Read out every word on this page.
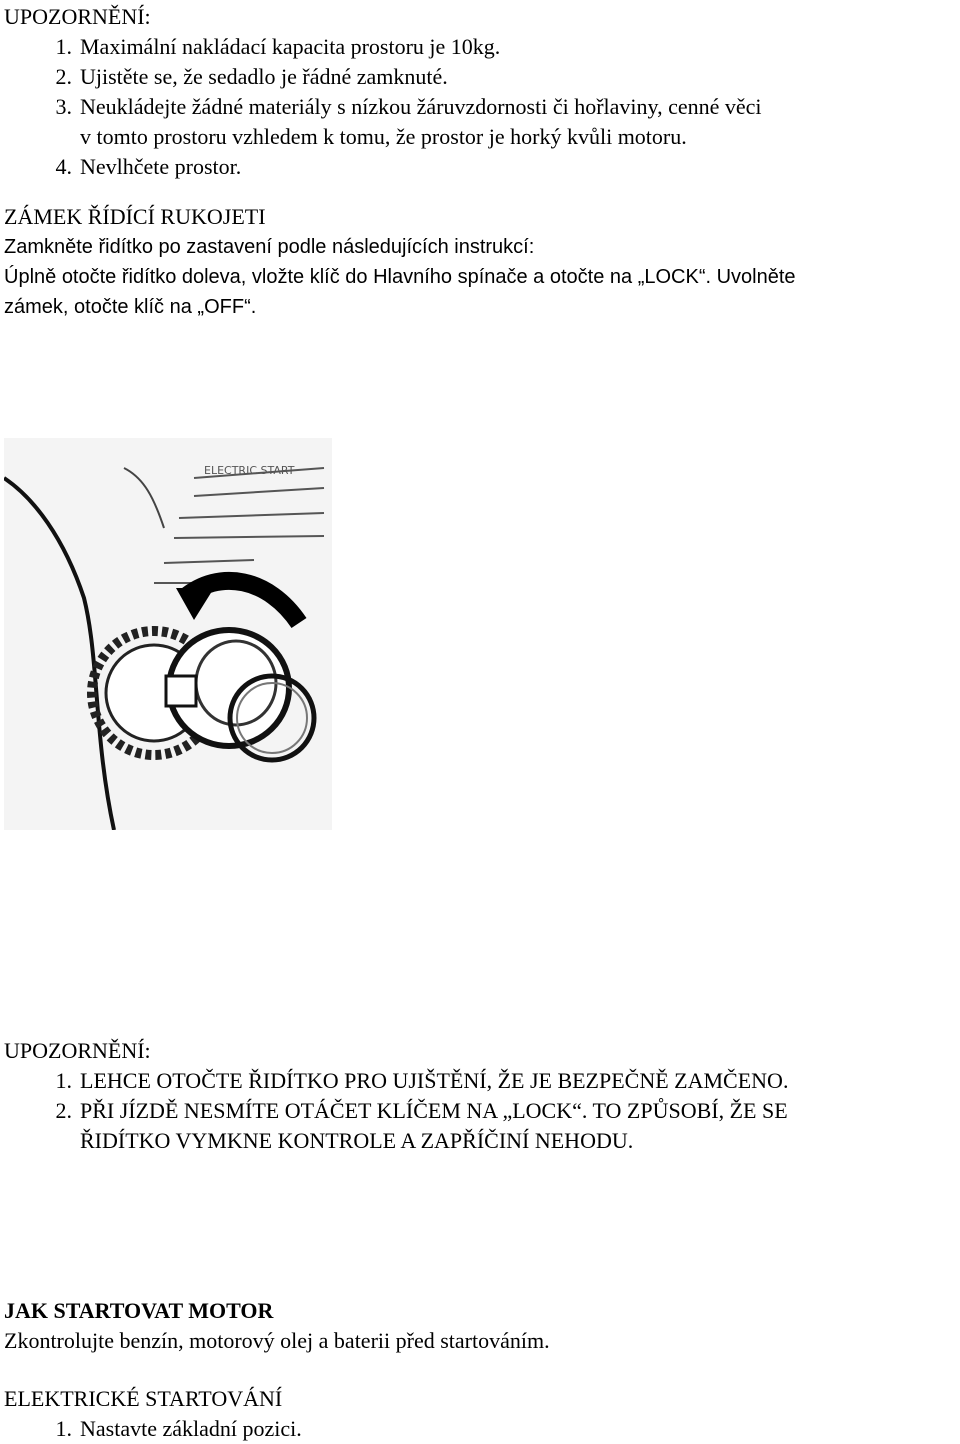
UPOZORNĚNÍ:
1. Maximální nakládací kapacita prostoru je 10kg.
2. Ujistěte se, že sedadlo je řádné zamknuté.
3. Neukládejte žádné materiály s nízkou žáruvzdornosti či hořlaviny, cenné věci
v tomto prostoru vzhledem k tomu, že prostor je horký kvůli motoru.
4. Nevlhčete prostor.
ZÁMEK ŘÍDÍCÍ RUKOJETI
Zamkněte řidítko po zastavení podle následujících instrukcí:
Úplně otočte řidítko doleva, vložte klíč do Hlavního spínače a otočte na „LOCK“. Uvolněte
zámek, otočte klíč na „OFF“.
ELECTRIC START
UPOZORNĚNÍ:
1. LEHCE OTOČTE ŘIDÍTKO PRO UJIŠTĚNÍ, ŽE JE BEZPEČNĚ ZAMČENO.
2. PŘI JÍZDĚ NESMÍTE OTÁČET KLÍČEM NA „LOCK“. TO ZPŮSOBÍ, ŽE SE
ŘIDÍTKO VYMKNE KONTROLE A ZAPŘÍČINÍ NEHODU.
JAK STARTOVAT MOTOR
Zkontrolujte benzín, motorový olej a baterii před startováním.
ELEKTRICKÉ STARTOVÁNÍ
1. Nastavte základní pozici.
